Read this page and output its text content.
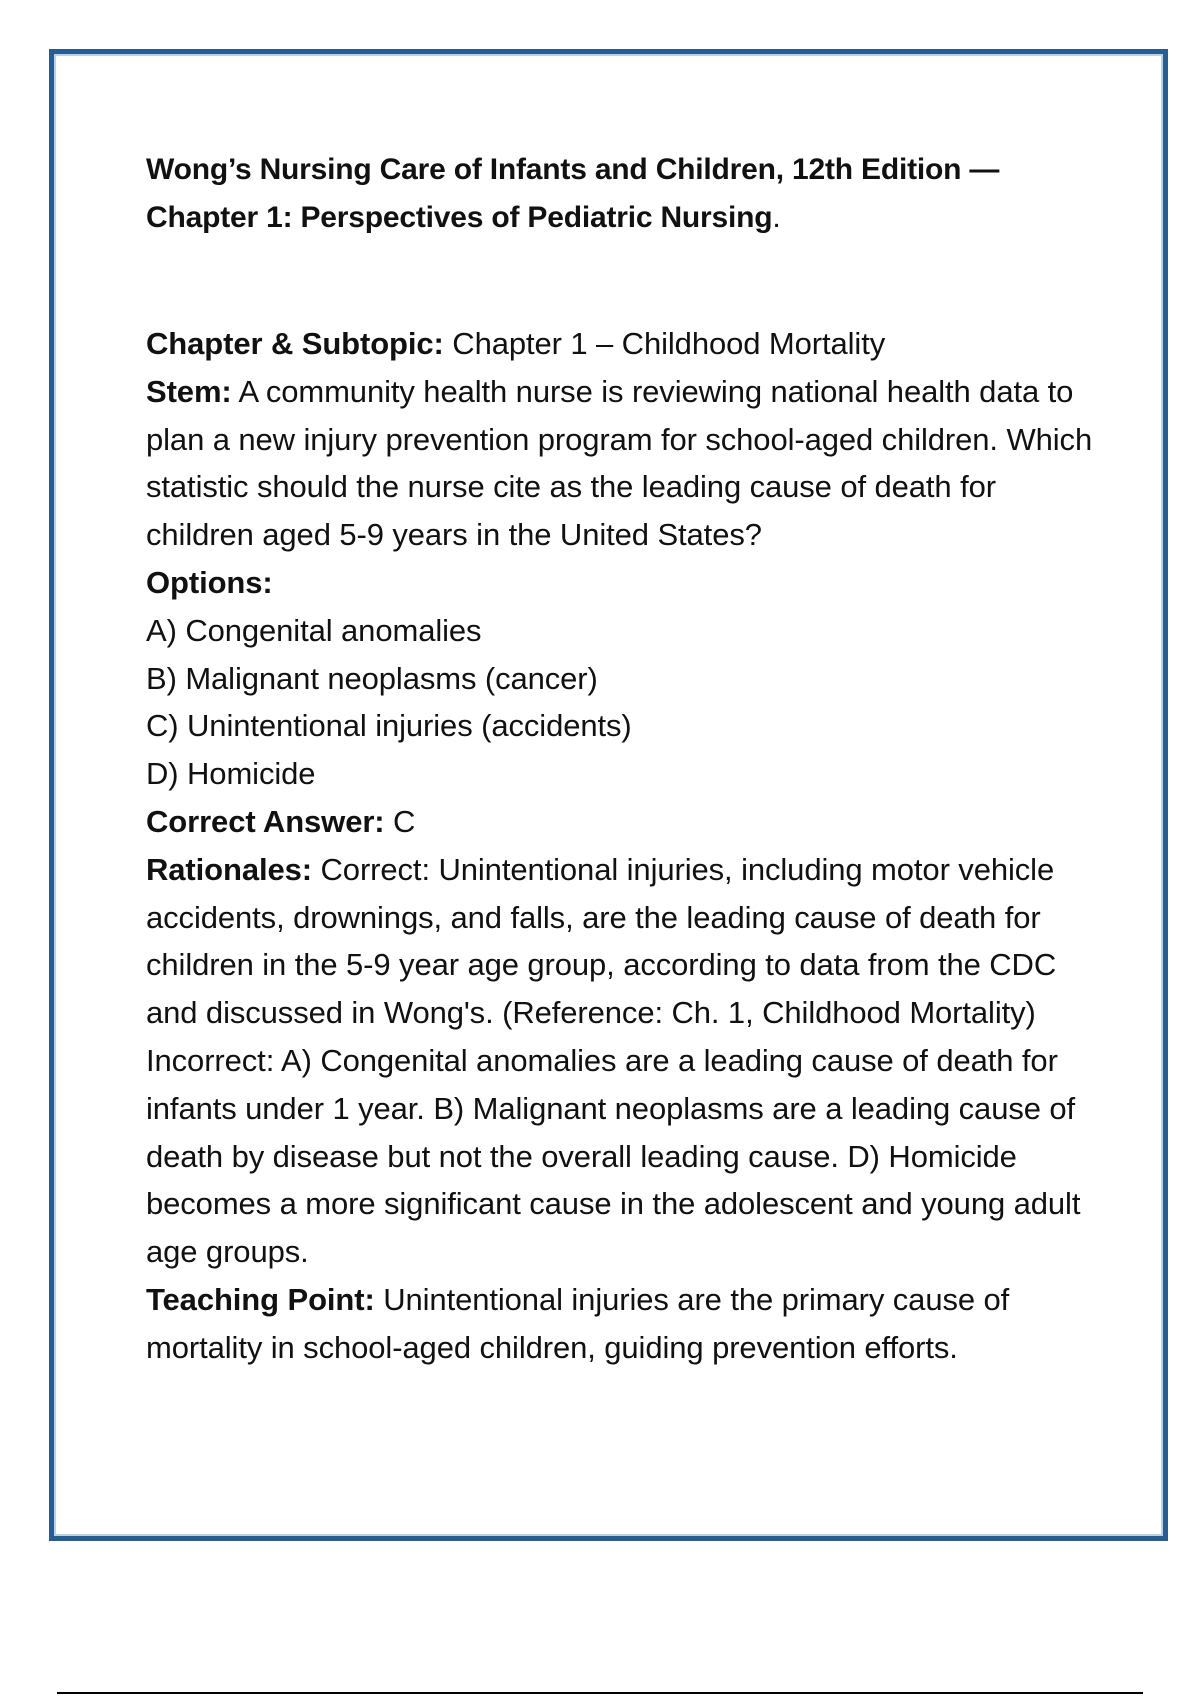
Wong’s Nursing Care of Infants and Children, 12th Edition —
Chapter 1: Perspectives of Pediatric Nursing.

Chapter & Subtopic: Chapter 1 – Childhood Mortality

Stem: A community health nurse is reviewing national health data to plan a new injury prevention program for school-aged children. Which statistic should the nurse cite as the leading cause of death for children aged 5-9 years in the United States?

Options:

A) Congenital anomalies

B) Malignant neoplasms (cancer)

C) Unintentional injuries (accidents)

D) Homicide

Correct Answer: C

Rationales: Correct: Unintentional injuries, including motor vehicle accidents, drownings, and falls, are the leading cause of death for children in the 5-9 year age group, according to data from the CDC and discussed in Wong's. (Reference: Ch. 1, Childhood Mortality)

Incorrect: A) Congenital anomalies are a leading cause of death for infants under 1 year. B) Malignant neoplasms are a leading cause of death by disease but not the overall leading cause. D) Homicide becomes a more significant cause in the adolescent and young adult age groups.

Teaching Point: Unintentional injuries are the primary cause of mortality in school-aged children, guiding prevention efforts.
